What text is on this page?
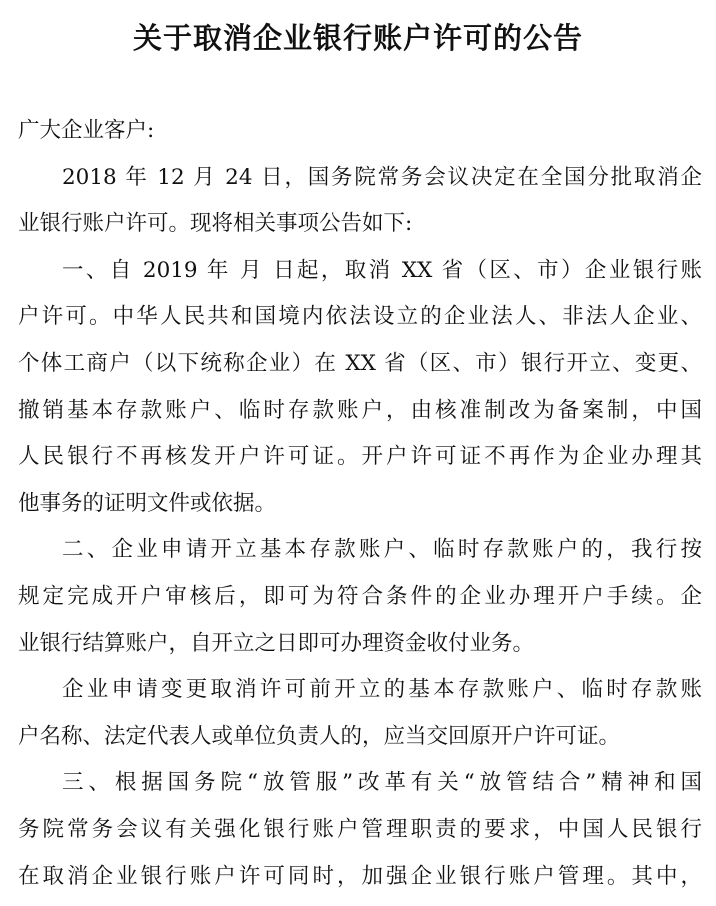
关于取消企业银行账户许可的公告
广大企业客户:
2018 年 12 月 24 日，国务院常务会议决定在全国分批取消企
业银行账户许可。现将相关事项公告如下:
一、自 2019 年 月 日起，取消 XX 省（区、市）企业银行账
户许可。中华人民共和国境内依法设立的企业法人、非法人企业、
个体工商户（以下统称企业）在 XX 省（区、市）银行开立、变更、
撤销基本存款账户、临时存款账户，由核准制改为备案制，中国
人民银行不再核发开户许可证。开户许可证不再作为企业办理其
他事务的证明文件或依据。
二、企业申请开立基本存款账户、临时存款账户的，我行按
规定完成开户审核后，即可为符合条件的企业办理开户手续。企
业银行结算账户，自开立之日即可办理资金收付业务。
企业申请变更取消许可前开立的基本存款账户、临时存款账
户名称、法定代表人或单位负责人的，应当交回原开户许可证。
三、根据国务院“放管服”改革有关“放管结合”精神和国
务院常务会议有关强化银行账户管理职责的要求，中国人民银行
在取消企业银行账户许可同时，加强企业银行账户管理。其中，
